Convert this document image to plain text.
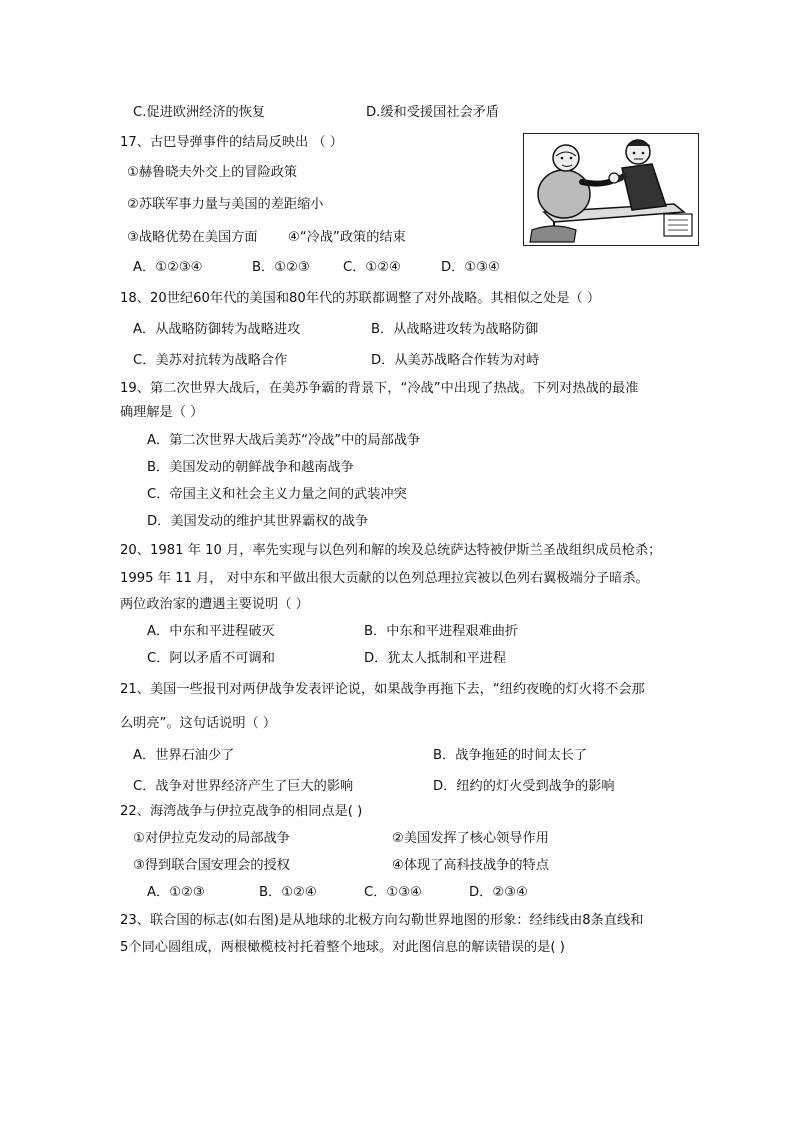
C.促进欧洲经济的恢复	D.缓和受援国社会矛盾
17、古巴导弹事件的结局反映出 （ ）
①赫鲁晓夫外交上的冒险政策
②苏联军事力量与美国的差距缩小
③战略优势在美国方面 ④“冷战”政策的结束
A．①②③④	B．①②③	C．①②④	D．①③④
18、20世纪60年代的美国和80年代的苏联都调整了对外战略。其相似之处是（ ）
A．从战略防御转为战略进攻	B．从战略进攻转为战略防御
C．美苏对抗转为战略合作	D．从美苏战略合作转为对峙
19、第二次世界大战后，在美苏争霸的背景下，“冷战”中出现了热战。下列对热战的最准
确理解是（ ）
A．第二次世界大战后美苏“冷战”中的局部战争
B．美国发动的朝鲜战争和越南战争
C．帝国主义和社会主义力量之间的武装冲突
D．美国发动的维护其世界霸权的战争
20、1981 年 10 月，率先实现与以色列和解的埃及总统萨达特被伊斯兰圣战组织成员枪杀；
1995 年 11 月， 对中东和平做出很大贡献的以色列总理拉宾被以色列右翼极端分子暗杀。
两位政治家的遭遇主要说明（ ）
A．中东和平进程破灭	B．中东和平进程艰难曲折
C．阿以矛盾不可调和	D．犹太人抵制和平进程
21、美国一些报刊对两伊战争发表评论说，如果战争再拖下去，“纽约夜晚的灯火将不会那
么明亮”。这句话说明（ ）
A．世界石油少了	B．战争拖延的时间太长了
C．战争对世界经济产生了巨大的影响	D．纽约的灯火受到战争的影响
22、海湾战争与伊拉克战争的相同点是( )
①对伊拉克发动的局部战争	②美国发挥了核心领导作用
③得到联合国安理会的授权	④体现了高科技战争的特点
A．①②③	B．①②④	C．①③④	D．②③④
23、联合国的标志(如右图)是从地球的北极方向勾勒世界地图的形象：经纬线由8条直线和
5个同心圆组成，两根橄榄枝衬托着整个地球。对此图信息的解读错误的是( )
